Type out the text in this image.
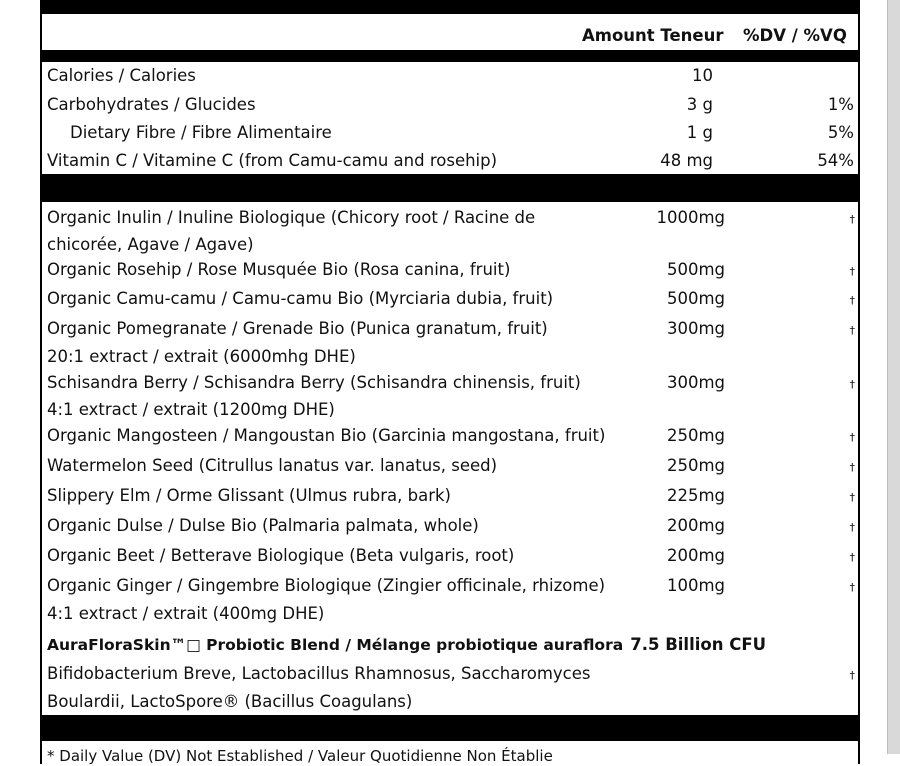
Amount Teneur %DV / %VQ
Calories / Calories	10
Carbohydrates / Glucides	3 g	1%
Dietary Fibre / Fibre Alimentaire	1 g	5%
Vitamin C / Vitamine C (from Camu-camu and rosehip)	48 mg	54%
Organic Inulin / Inuline Biologique (Chicory root / Racine de
chicorée, Agave / Agave)
1000mg	†
Organic Rosehip / Rose Musquée Bio (Rosa canina, fruit)	500mg	†
Organic Camu-camu / Camu-camu Bio (Myrciaria dubia, fruit)	500mg	†
Organic Pomegranate / Grenade Bio (Punica granatum, fruit)
20:1 extract / extrait (6000mhg DHE)
300mg	†
Schisandra Berry / Schisandra Berry (Schisandra chinensis, fruit)
4:1 extract / extrait (1200mg DHE)
300mg	†
Organic Mangosteen / Mangoustan Bio (Garcinia mangostana, fruit)	250mg	†
Watermelon Seed (Citrullus lanatus var. lanatus, seed)	250mg	†
Slippery Elm / Orme Glissant (Ulmus rubra, bark)	225mg	†
Organic Dulse / Dulse Bio (Palmaria palmata, whole)	200mg	†
Organic Beet / Betterave Biologique (Beta vulgaris, root)	200mg	†
Organic Ginger / Gingembre Biologique (Zingier officinale, rhizome)
4:1 extract / extrait (400mg DHE)
100mg	†
AuraFloraSkin™□ Probiotic Blend / Mélange probiotique auraflora 7.5 Billion CFU
Bifidobacterium Breve, Lactobacillus Rhamnosus, Saccharomyces
Boulardii, LactoSpore® (Bacillus Coagulans)
†
* Daily Value (DV) Not Established / Valeur Quotidienne Non Établie
